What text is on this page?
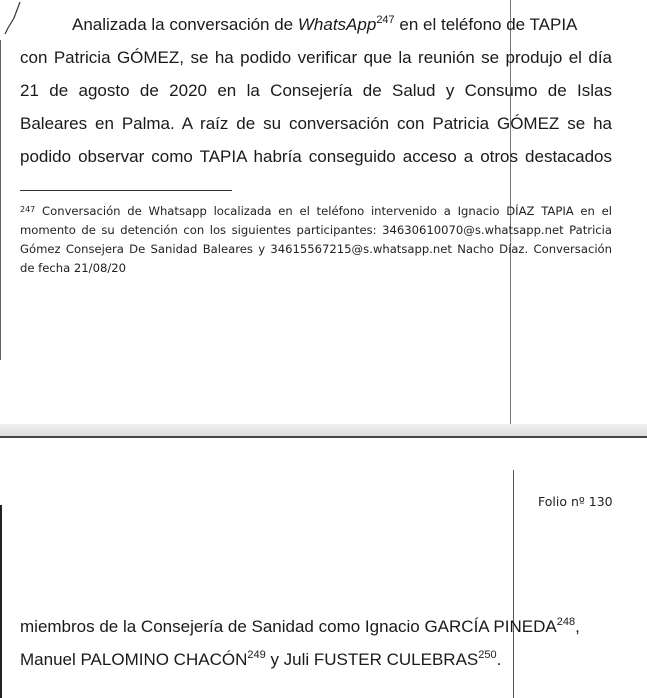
Analizada la conversación de WhatsApp$^{247}$ en el teléfono de TAPIA
con Patricia GÓMEZ, se ha podido verificar que la reunión se produjo el día
21 de agosto de 2020 en la Consejería de Salud y Consumo de Islas
Baleares en Palma. A raíz de su conversación con Patricia GÓMEZ se ha
podido observar como TAPIA habría conseguido acceso a otros destacados
$^{247}$ Conversación de Whatsapp localizada en el teléfono intervenido a Ignacio DÍAZ TAPIA en el
momento de su detención con los siguientes participantes: 34630610070@s.whatsapp.net Patricia
Gómez Consejera De Sanidad Baleares y 34615567215@s.whatsapp.net Nacho Díaz. Conversación
de fecha 21/08/20
Folio nº 130
miembros de la Consejería de Sanidad como Ignacio GARCÍA PINEDA$^{248}$,
Manuel PALOMINO CHACÓN$^{249}$ y Juli FUSTER CULEBRAS$^{250}$.
